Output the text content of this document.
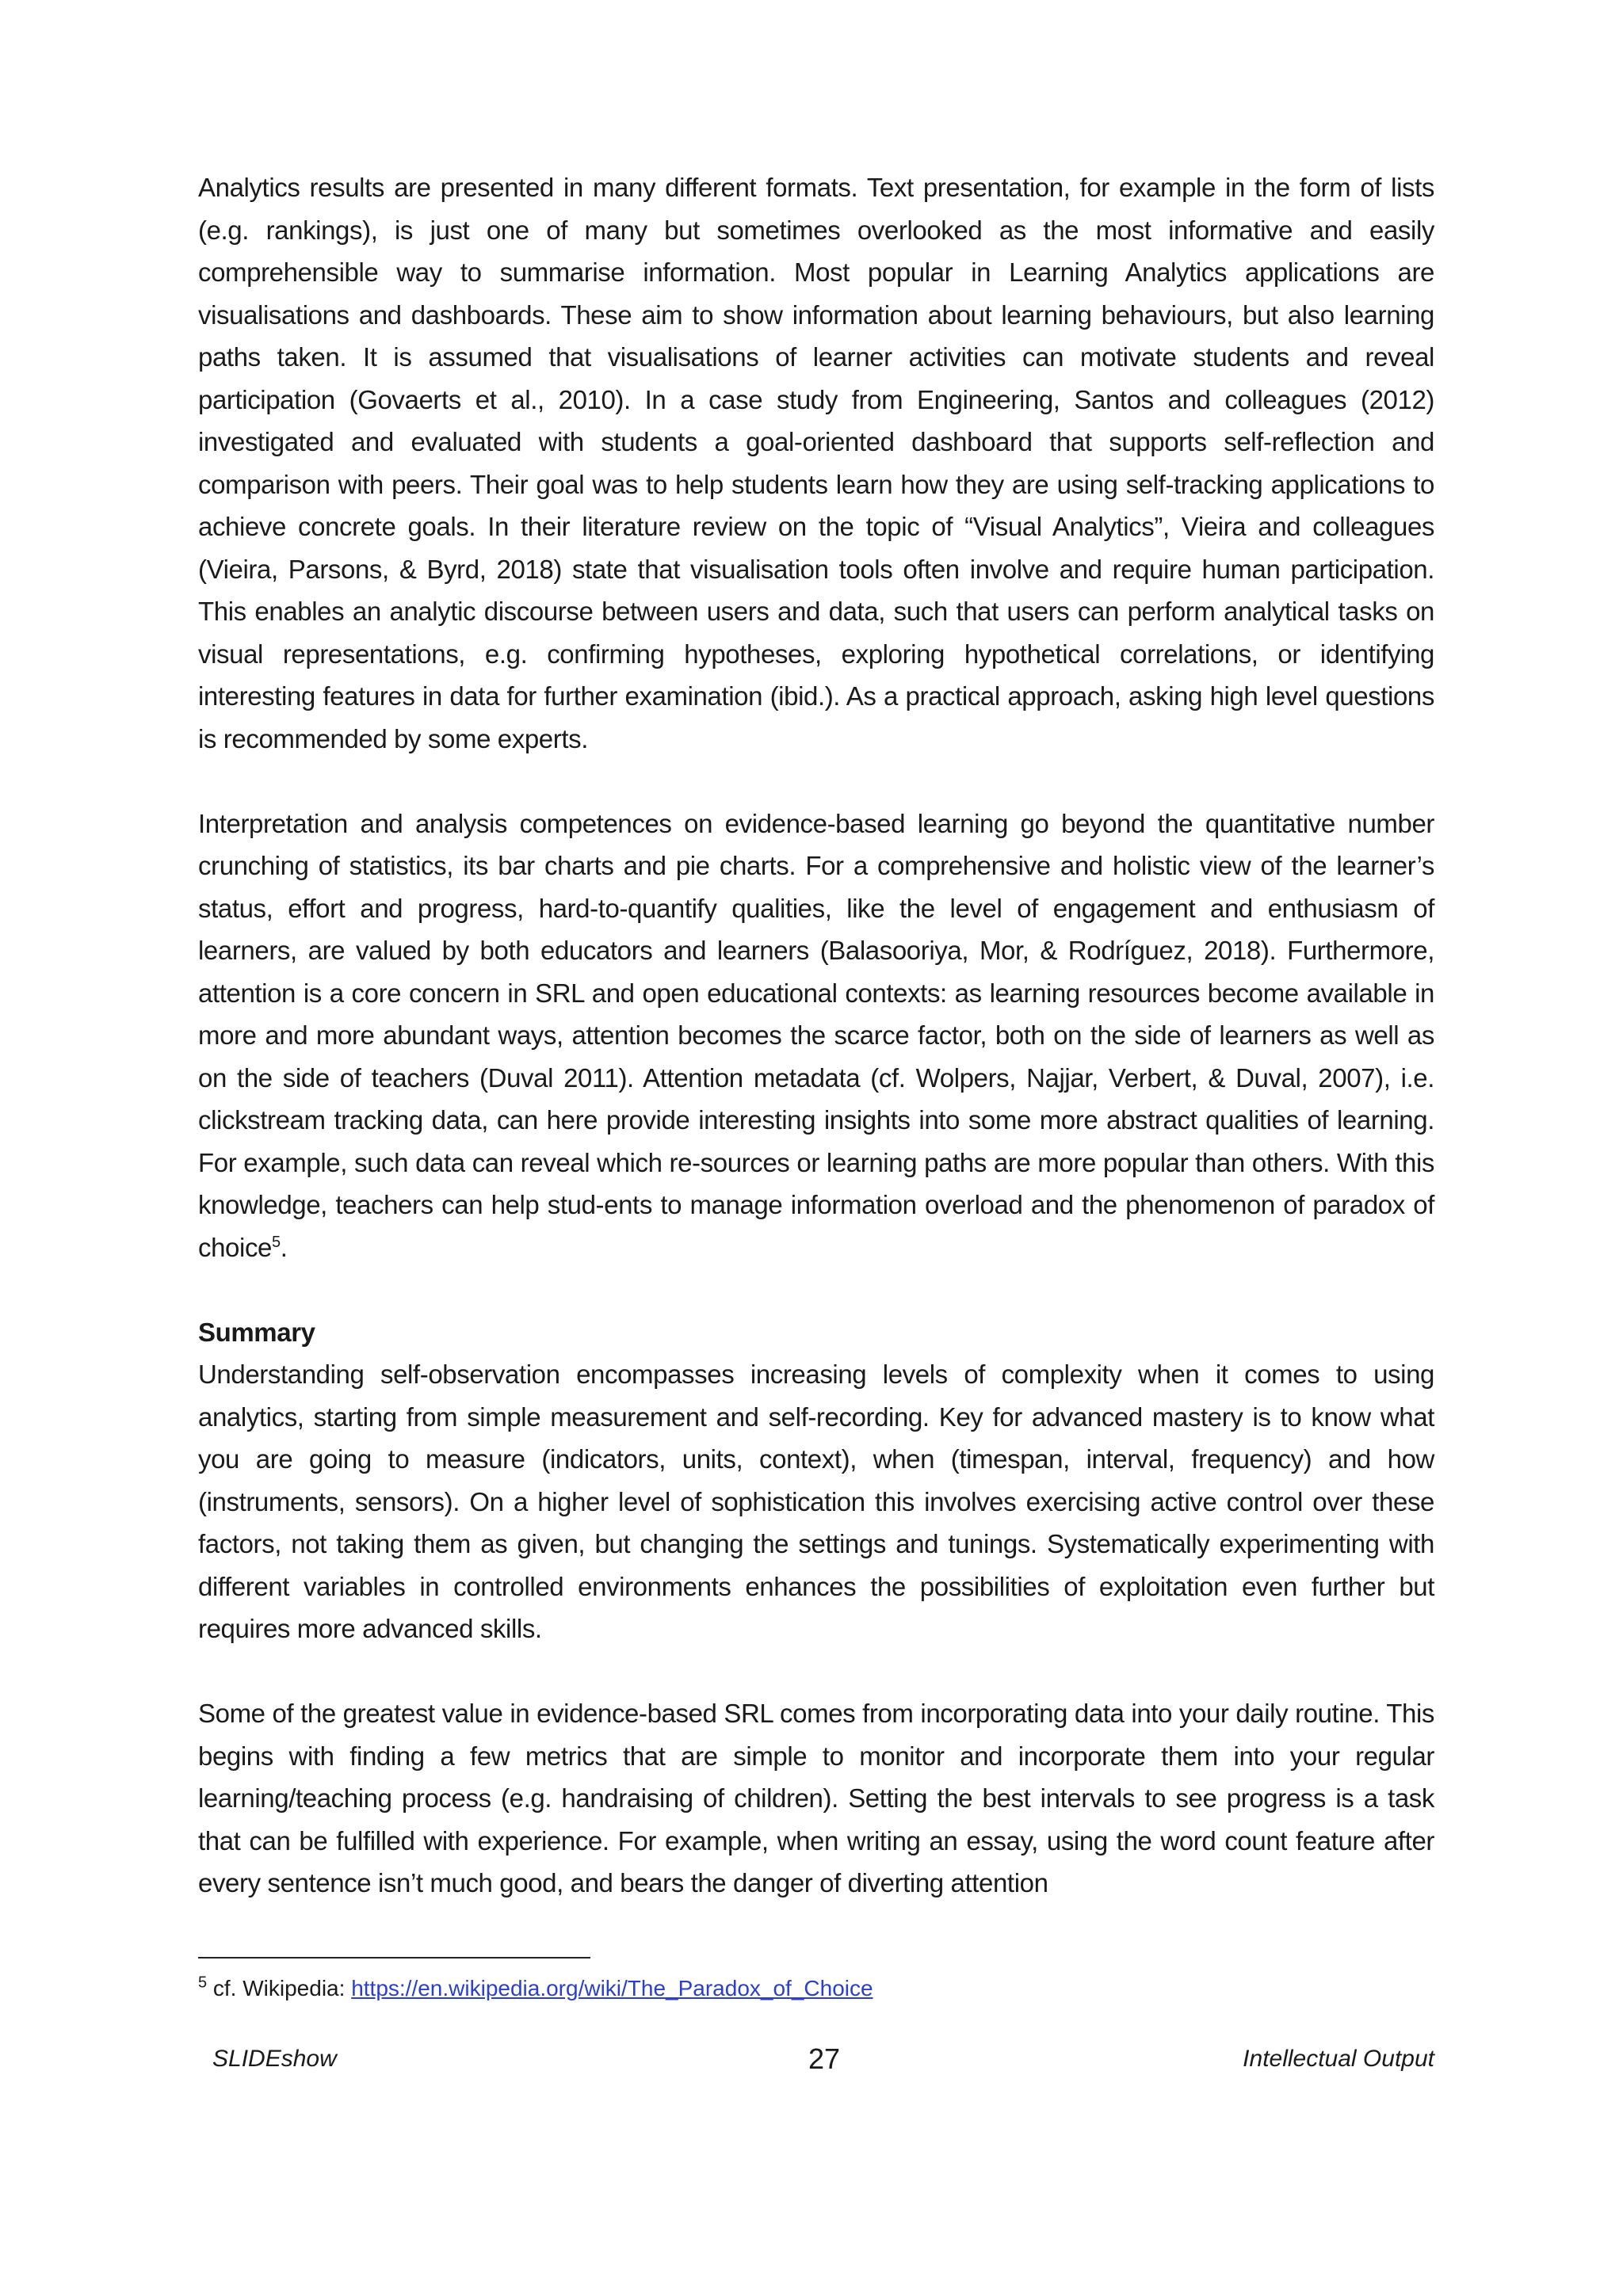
Analytics results are presented in many different formats. Text presentation, for example in the form of lists (e.g. rankings), is just one of many but sometimes overlooked as the most informative and easily comprehensible way to summarise information. Most popular in Learning Analytics applications are visualisations and dashboards. These aim to show information about learning behaviours, but also learning paths taken. It is assumed that visualisations of learner activities can motivate students and reveal participation (Govaerts et al., 2010). In a case study from Engineering, Santos and colleagues (2012) investigated and evaluated with students a goal-oriented dashboard that supports self-reflection and comparison with peers. Their goal was to help students learn how they are using self-tracking applications to achieve concrete goals. In their literature review on the topic of “Visual Analytics”, Vieira and colleagues (Vieira, Parsons, & Byrd, 2018) state that visualisation tools often involve and require human participation. This enables an analytic discourse between users and data, such that users can perform analytical tasks on visual representations, e.g. confirming hypotheses, exploring hypothetical correlations, or identifying interesting features in data for further examination (ibid.). As a practical approach, asking high level questions is recommended by some experts.

Interpretation and analysis competences on evidence-based learning go beyond the quantitative number crunching of statistics, its bar charts and pie charts. For a comprehensive and holistic view of the learner’s status, effort and progress, hard-to-quantify qualities, like the level of engagement and enthusiasm of learners, are valued by both educators and learners (Balasooriya, Mor, & Rodríguez, 2018). Furthermore, attention is a core concern in SRL and open educational contexts: as learning resources become available in more and more abundant ways, attention becomes the scarce factor, both on the side of learners as well as on the side of teachers (Duval 2011). Attention metadata (cf. Wolpers, Najjar, Verbert, & Duval, 2007), i.e. clickstream tracking data, can here provide interesting insights into some more abstract qualities of learning. For example, such data can reveal which re-sources or learning paths are more popular than others. With this knowledge, teachers can help stud-ents to manage information overload and the phenomenon of paradox of choice$^5$.

Summary

Understanding self-observation encompasses increasing levels of complexity when it comes to using analytics, starting from simple measurement and self-recording. Key for advanced mastery is to know what you are going to measure (indicators, units, context), when (timespan, interval, frequency) and how (instruments, sensors). On a higher level of sophistication this involves exercising active control over these factors, not taking them as given, but changing the settings and tunings. Systematically experimenting with different variables in controlled environments enhances the possibilities of exploitation even further but requires more advanced skills.

Some of the greatest value in evidence-based SRL comes from incorporating data into your daily routine. This begins with finding a few metrics that are simple to monitor and incorporate them into your regular learning/teaching process (e.g. handraising of children). Setting the best intervals to see progress is a task that can be fulfilled with experience. For example, when writing an essay, using the word count feature after every sentence isn’t much good, and bears the danger of diverting attention

$^5$ cf. Wikipedia: https://en.wikipedia.org/wiki/The_Paradox_of_Choice
SLIDEshow	27	Intellectual Output
